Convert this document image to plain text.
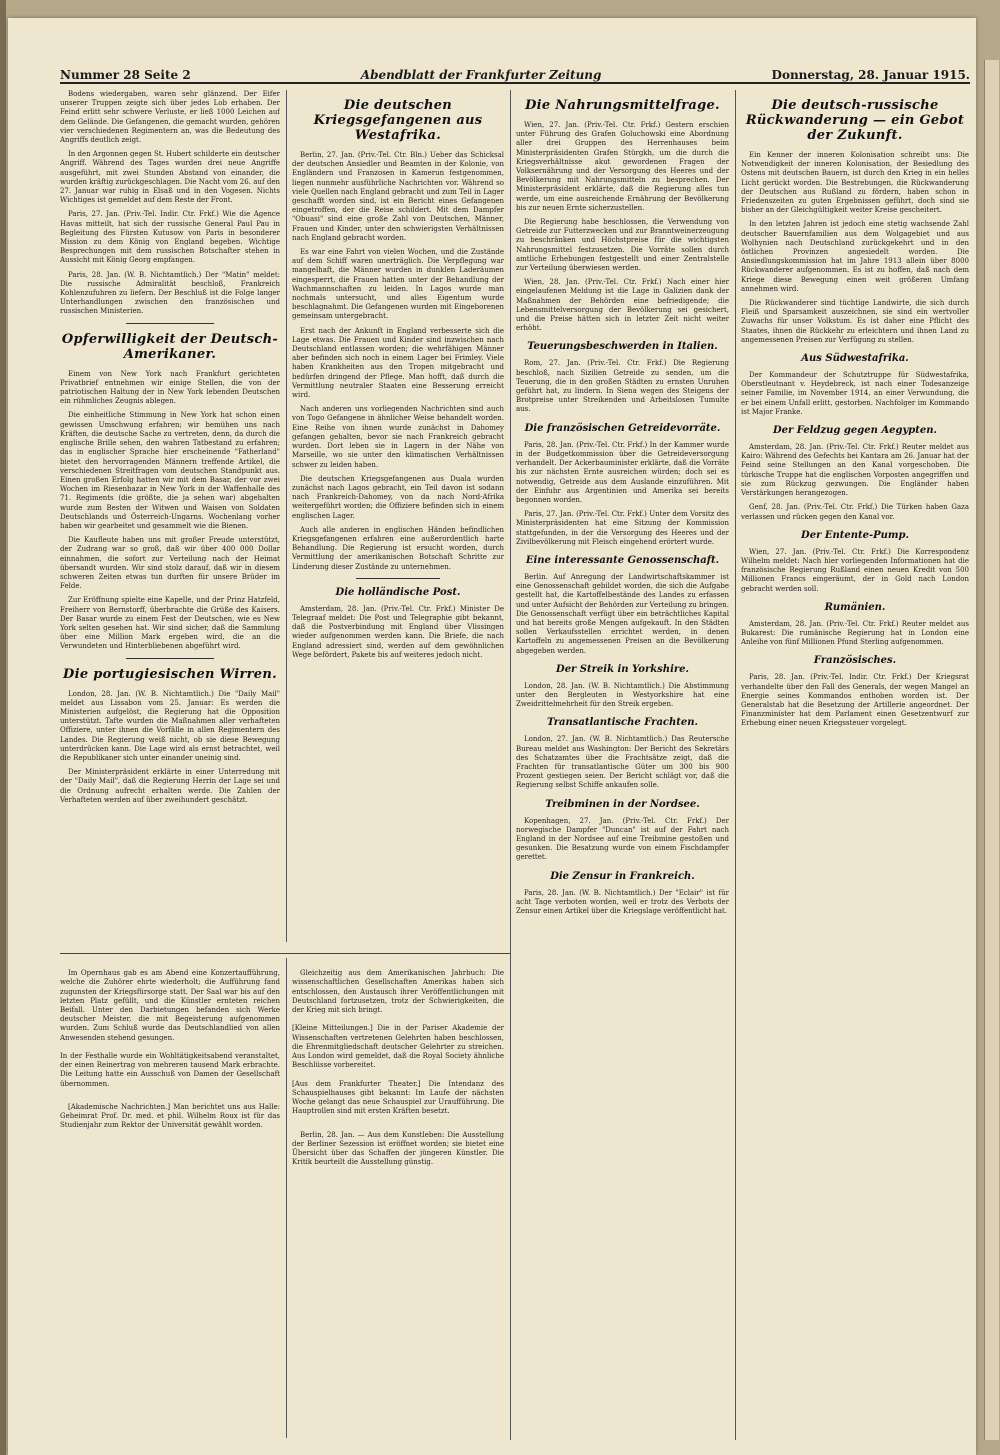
Nummer 28 Seite 2	Abendblatt der Frankfurter Zeitung	Donnerstag, 28. Januar 1915.

Bodens wiedergaben, waren sehr glänzend. Der Eifer unserer Truppen zeigte sich über jedes Lob erhaben. Der Feind erlitt sehr schwere Verluste, er ließ 1000 Leichen auf dem Gelände. Die Gefangenen, die gemacht wurden, gehören vier verschiedenen Regimentern an, was die Bedeutung des Angriffs deutlich zeigt.

In den Argonnen gegen St. Hubert schilderte ein deutscher Angriff. Während des Tages wurden drei neue Angriffe ausgeführt, mit zwei Stunden Abstand von einander, die wurden kräftig zurückgeschlagen. Die Nacht vom 26. auf den 27. Januar war ruhig in Elsaß und in den Vogesen. Nichts Wichtiges ist gemeldet auf dem Reste der Front.

Paris, 27. Jan. (Priv.-Tel. Indir. Ctr. Frkf.) Wie die Agence Havas mitteilt, hat sich der russische General Paul Pau in Begleitung des Fürsten Kutusow von Paris in besonderer Mission zu dem König von England begeben. Wichtige Besprechungen mit dem russischen Botschafter stehen in Aussicht mit König Georg empfangen.

Paris, 28. Jan. (W. B. Nichtamtlich.) Der "Matin" meldet: Die russische Admiralität beschloß, Frankreich Kohlenzufuhren zu liefern. Der Beschluß ist die Folge langer Unterhandlungen zwischen den französischen und russischen Ministerien.

Opferwilligkeit der Deutsch-Amerikaner.

Einem von New York nach Frankfurt gerichteten Privatbrief entnehmen wir einige Stellen, die von der patriotischen Haltung der in New York lebenden Deutschen ein rühmliches Zeugnis ablegen.

Die einheitliche Stimmung in New York hat schon einen gewissen Umschwung erfahren; wir bemühen uns nach Kräften, die deutsche Sache zu vertreten, denn, da durch die englische Brille sehen, den wahren Tatbestand zu erfahren; das in englischer Sprache hier erscheinende "Fatherland" bietet den hervorragenden Männern treffende Artikel, die verschiedenen Streitfragen vom deutschen Standpunkt aus. Einen großen Erfolg hatten wir mit dem Basar, der vor zwei Wochen im Riesenbazar in New York in der Waffenhalle des 71. Regiments (die größte, die ja sehen war) abgehalten wurde zum Besten der Witwen und Waisen von Soldaten Deutschlands und Österreich-Ungarns. Wochenlang vorher haben wir gearbeitet und gesammelt wie die Bienen.

Die Kaufleute haben uns mit großer Freude unterstützt, der Zudrang war so groß, daß wir über 400 000 Dollar einnahmen, die sofort zur Verteilung nach der Heimat übersandt wurden. Wir sind stolz darauf, daß wir in diesem schweren Zeiten etwas tun durften für unsere Brüder im Felde.

Zur Eröffnung spielte eine Kapelle, und der Prinz Hatzfeld, Freiherr von Bernstorff, überbrachte die Grüße des Kaisers. Der Basar wurde zu einem Fest der Deutschen, wie es New York selten gesehen hat. Wir sind sicher, daß die Sammlung über eine Million Mark ergeben wird, die an die Verwundeten und Hinterbliebenen abgeführt wird.

Die portugiesischen Wirren.

London, 28. Jan. (W. B. Nichtamtlich.) Die "Daily Mail" meldet aus Lissabon vom 25. Januar: Es werden die Ministerien aufgelöst, die Regierung hat die Opposition unterstützt. Tafte wurden die Maßnahmen aller verhafteten Offiziere, unter ihnen die Vorfälle in allen Regimentern des Landes. Die Regierung weiß nicht, ob sie diese Bewegung unterdrücken kann. Die Lage wird als ernst betrachtet, weil die Republikaner sich unter einander uneinig sind.

Der Ministerpräsident erklärte in einer Unterredung mit der "Daily Mail", daß die Regierung Herrin der Lage sei und die Ordnung aufrecht erhalten werde. Die Zahlen der Verhafteten werden auf über zweihundert geschätzt.

Die deutschen Kriegsgefangenen aus Westafrika.

Berlin, 27. Jan. (Priv.-Tel. Ctr. Bln.) Ueber das Schicksal der deutschen Ansiedler und Beamten in der Kolonie, von Engländern und Franzosen in Kamerun festgenommen, liegen nunmehr ausführliche Nachrichten vor. Während so viele Quellen nach England gebracht und zum Teil in Lager geschafft worden sind, ist ein Bericht eines Gefangenen eingetroffen, der die Reise schildert. Mit dem Dampfer "Obuasi" sind eine große Zahl von Deutschen, Männer, Frauen und Kinder, unter den schwierigsten Verhältnissen nach England gebracht worden.

Es war eine Fahrt von vielen Wochen, und die Zustände auf dem Schiff waren unerträglich. Die Verpflegung war mangelhaft, die Männer wurden in dunklen Laderäumen eingesperrt, die Frauen hatten unter der Behandlung der Wachmannschaften zu leiden. In Lagos wurde man nochmals untersucht, und alles Eigentum wurde beschlagnahmt. Die Gefangenen wurden mit Eingeborenen gemeinsam untergebracht.

Erst nach der Ankunft in England verbesserte sich die Lage etwas. Die Frauen und Kinder sind inzwischen nach Deutschland entlassen worden; die wehrfähigen Männer aber befinden sich noch in einem Lager bei Frimley. Viele haben Krankheiten aus den Tropen mitgebracht und bedürfen dringend der Pflege. Man hofft, daß durch die Vermittlung neutraler Staaten eine Besserung erreicht wird.

Nach anderen uns vorliegenden Nachrichten sind auch von Togo Gefangene in ähnlicher Weise behandelt worden. Eine Reihe von ihnen wurde zunächst in Dahomey gefangen gehalten, bevor sie nach Frankreich gebracht wurden. Dort leben sie in Lagern in der Nähe von Marseille, wo sie unter den klimatischen Verhältnissen schwer zu leiden haben.

Die deutschen Kriegsgefangenen aus Duala wurden zunächst nach Lagos gebracht, ein Teil davon ist sodann nach Frankreich-Dahomey, von da nach Nord-Afrika weitergeführt worden; die Offiziere befinden sich in einem englischen Lager.

Auch alle anderen in englischen Händen befindlichen Kriegsgefangenen erfahren eine außerordentlich harte Behandlung. Die Regierung ist ersucht worden, durch Vermittlung der amerikanischen Botschaft Schritte zur Linderung dieser Zustände zu unternehmen.

Die holländische Post.

Amsterdam, 28. Jan. (Priv.-Tel. Ctr. Frkf.) Minister De Telegraaf meldet: Die Post und Telegraphie gibt bekannt, daß die Postverbindung mit England über Vlissingen wieder aufgenommen werden kann. Die Briefe, die nach England adressiert sind, werden auf dem gewöhnlichen Wege befördert, Pakete bis auf weiteres jedoch nicht.

Die Nahrungsmittelfrage.

Wien, 27. Jan. (Priv.-Tel. Ctr. Frkf.) Gestern erschien unter Führung des Grafen Goluchowski eine Abordnung aller drei Gruppen des Herrenhauses beim Ministerpräsidenten Grafen Stürgkh, um die durch die Kriegsverhältnisse akut gewordenen Fragen der Volksernährung und der Versorgung des Heeres und der Bevölkerung mit Nahrungsmitteln zu besprechen. Der Ministerpräsident erklärte, daß die Regierung alles tun werde, um eine ausreichende Ernährung der Bevölkerung bis zur neuen Ernte sicherzustellen.

Die Regierung habe beschlossen, die Verwendung von Getreide zur Futterzwecken und zur Branntweinerzeugung zu beschränken und Höchstpreise für die wichtigsten Nahrungsmittel festzusetzen. Die Vorräte sollen durch amtliche Erhebungen festgestellt und einer Zentralstelle zur Verteilung überwiesen werden.

Wien, 28. Jan. (Priv.-Tel. Ctr. Frkf.) Nach einer hier eingelaufenen Meldung ist die Lage in Galizien dank der Maßnahmen der Behörden eine befriedigende; die Lebensmittelversorgung der Bevölkerung sei gesichert, und die Preise hätten sich in letzter Zeit nicht weiter erhöht.

Teuerungsbeschwerden in Italien.

Rom, 27. Jan. (Priv.-Tel. Ctr. Frkf.) Die Regierung beschloß, nach Sizilien Getreide zu senden, um die Teuerung, die in den großen Städten zu ernsten Unruhen geführt hat, zu lindern. In Siena wegen des Steigens der Brotpreise unter Streikenden und Arbeitslosen Tumulte aus.

Die französischen Getreidevorräte.

Paris, 28. Jan. (Priv.-Tel. Ctr. Frkf.) In der Kammer wurde in der Budgetkommission über die Getreideversorgung verhandelt. Der Ackerbauminister erklärte, daß die Vorräte bis zur nächsten Ernte ausreichen würden; doch sei es notwendig, Getreide aus dem Auslande einzuführen. Mit der Einfuhr aus Argentinien und Amerika sei bereits begonnen worden.

Paris, 27. Jan. (Priv.-Tel. Ctr. Frkf.) Unter dem Vorsitz des Ministerpräsidenten hat eine Sitzung der Kommission stattgefunden, in der die Versorgung des Heeres und der Zivilbevölkerung mit Fleisch eingehend erörtert wurde.

Eine interessante Genossenschaft.

Berlin. Auf Anregung der Landwirtschaftskammer ist eine Genossenschaft gebildet worden, die sich die Aufgabe gestellt hat, die Kartoffelbestände des Landes zu erfassen und unter Aufsicht der Behörden zur Verteilung zu bringen. Die Genossenschaft verfügt über ein beträchtliches Kapital und hat bereits große Mengen aufgekauft. In den Städten sollen Verkaufsstellen errichtet werden, in denen Kartoffeln zu angemessenen Preisen an die Bevölkerung abgegeben werden.

Der Streik in Yorkshire.

London, 28. Jan. (W. B. Nichtamtlich.) Die Abstimmung unter den Bergleuten in Westyorkshire hat eine Zweidrittelmehrheit für den Streik ergeben.

Transatlantische Frachten.

London, 27. Jan. (W. B. Nichtamtlich.) Das Reutersche Bureau meldet aus Washington: Der Bericht des Sekretärs des Schatzamtes über die Frachtsätze zeigt, daß die Frachten für transatlantische Güter um 300 bis 900 Prozent gestiegen seien. Der Bericht schlägt vor, daß die Regierung selbst Schiffe ankaufen solle.

Treibminen in der Nordsee.

Kopenhagen, 27. Jan. (Priv.-Tel. Ctr. Frkf.) Der norwegische Dampfer "Duncan" ist auf der Fahrt nach England in der Nordsee auf eine Treibmine gestoßen und gesunken. Die Besatzung wurde von einem Fischdampfer gerettet.

Die Zensur in Frankreich.

Paris, 28. Jan. (W. B. Nichtamtlich.) Der "Eclair" ist für acht Tage verboten worden, weil er trotz des Verbots der Zensur einen Artikel über die Kriegslage veröffentlicht hat.

Die deutsch-russische Rückwanderung — ein Gebot der Zukunft.

Ein Kenner der inneren Kolonisation schreibt uns: Die Notwendigkeit der inneren Kolonisation, der Besiedlung des Ostens mit deutschen Bauern, ist durch den Krieg in ein helles Licht gerückt worden. Die Bestrebungen, die Rückwanderung der Deutschen aus Rußland zu fördern, haben schon in Friedenszeiten zu guten Ergebnissen geführt, doch sind sie bisher an der Gleichgültigkeit weiter Kreise gescheitert.

In den letzten Jahren ist jedoch eine stetig wachsende Zahl deutscher Bauernfamilien aus dem Wolgagebiet und aus Wolhynien nach Deutschland zurückgekehrt und in den östlichen Provinzen angesiedelt worden. Die Ansiedlungskommission hat im Jahre 1913 allein über 8000 Rückwanderer aufgenommen. Es ist zu hoffen, daß nach dem Kriege diese Bewegung einen weit größeren Umfang annehmen wird.

Die Rückwanderer sind tüchtige Landwirte, die sich durch Fleiß und Sparsamkeit auszeichnen, sie sind ein wertvoller Zuwachs für unser Volkstum. Es ist daher eine Pflicht des Staates, ihnen die Rückkehr zu erleichtern und ihnen Land zu angemessenen Preisen zur Verfügung zu stellen.

Aus Südwestafrika.

Der Kommandeur der Schutztruppe für Südwestafrika, Oberstleutnant v. Heydebreck, ist nach einer Todesanzeige seiner Familie, im November 1914, an einer Verwundung, die er bei einem Unfall erlitt, gestorben. Nachfolger im Kommando ist Major Franke.

Der Feldzug gegen Aegypten.

Amsterdam, 28. Jan. (Priv.-Tel. Ctr. Frkf.) Reuter meldet aus Kairo: Während des Gefechts bei Kantara am 26. Januar hat der Feind seine Stellungen an den Kanal vorgeschoben. Die türkische Truppe hat die englischen Vorposten angegriffen und sie zum Rückzug gezwungen. Die Engländer haben Verstärkungen herangezogen.

Genf, 28. Jan. (Priv.-Tel. Ctr. Frkf.) Die Türken haben Gaza verlassen und rücken gegen den Kanal vor.

Der Entente-Pump.

Wien, 27. Jan. (Priv.-Tel. Ctr. Frkf.) Die Korrespondenz Wilhelm meldet: Nach hier vorliegenden Informationen hat die französische Regierung Rußland einen neuen Kredit von 500 Millionen Francs eingeräumt, der in Gold nach London gebracht werden soll.

Rumänien.

Amsterdam, 28. Jan. (Priv.-Tel. Ctr. Frkf.) Reuter meldet aus Bukarest: Die rumänische Regierung hat in London eine Anleihe von fünf Millionen Pfund Sterling aufgenommen.

Französisches.

Paris, 28. Jan. (Priv.-Tel. Indir. Ctr. Frkf.) Der Kriegsrat verhandelte über den Fall des Generals, der wegen Mangel an Energie seines Kommandos enthoben worden ist. Der Generalstab hat die Besetzung der Artillerie angeordnet. Der Finanzminister hat dem Parlament einen Gesetzentwurf zur Erhebung einer neuen Kriegssteuer vorgelegt.

Im Opernhaus gab es am Abend eine Konzertaufführung, welche die Zuhörer ehrte wiederholt; die Aufführung fand zugunsten der Kriegsfürsorge statt. Der Saal war bis auf den letzten Platz gefüllt, und die Künstler ernteten reichen Beifall. Unter den Darbietungen befanden sich Werke deutscher Meister, die mit Begeisterung aufgenommen wurden. Zum Schluß wurde das Deutschlandlied von allen Anwesenden stehend gesungen.

In der Festhalle wurde ein Wohltätigkeitsabend veranstaltet, der einen Reinertrag von mehreren tausend Mark erbrachte. Die Leitung hatte ein Ausschuß von Damen der Gesellschaft übernommen.

[Akademische Nachrichten.] Man berichtet uns aus Halle: Geheimrat Prof. Dr. med. et phil. Wilhelm Roux ist für das Studienjahr zum Rektor der Universität gewählt worden.

Gleichzeitig aus dem Amerikanischen Jahrbuch: Die wissenschaftlichen Gesellschaften Amerikas haben sich entschlossen, den Austausch ihrer Veröffentlichungen mit Deutschland fortzusetzen, trotz der Schwierigkeiten, die der Krieg mit sich bringt.

[Kleine Mitteilungen.] Die in der Pariser Akademie der Wissenschaften vertretenen Gelehrten haben beschlossen, die Ehrenmitgliedschaft deutscher Gelehrter zu streichen. Aus London wird gemeldet, daß die Royal Society ähnliche Beschlüsse vorbereitet.

[Aus dem Frankfurter Theater.] Die Intendanz des Schauspielhauses gibt bekannt: Im Laufe der nächsten Woche gelangt das neue Schauspiel zur Uraufführung. Die Hauptrollen sind mit ersten Kräften besetzt.

Berlin, 28. Jan. — Aus dem Kunstleben: Die Ausstellung der Berliner Sezession ist eröffnet worden; sie bietet eine Übersicht über das Schaffen der jüngeren Künstler. Die Kritik beurteilt die Ausstellung günstig.
